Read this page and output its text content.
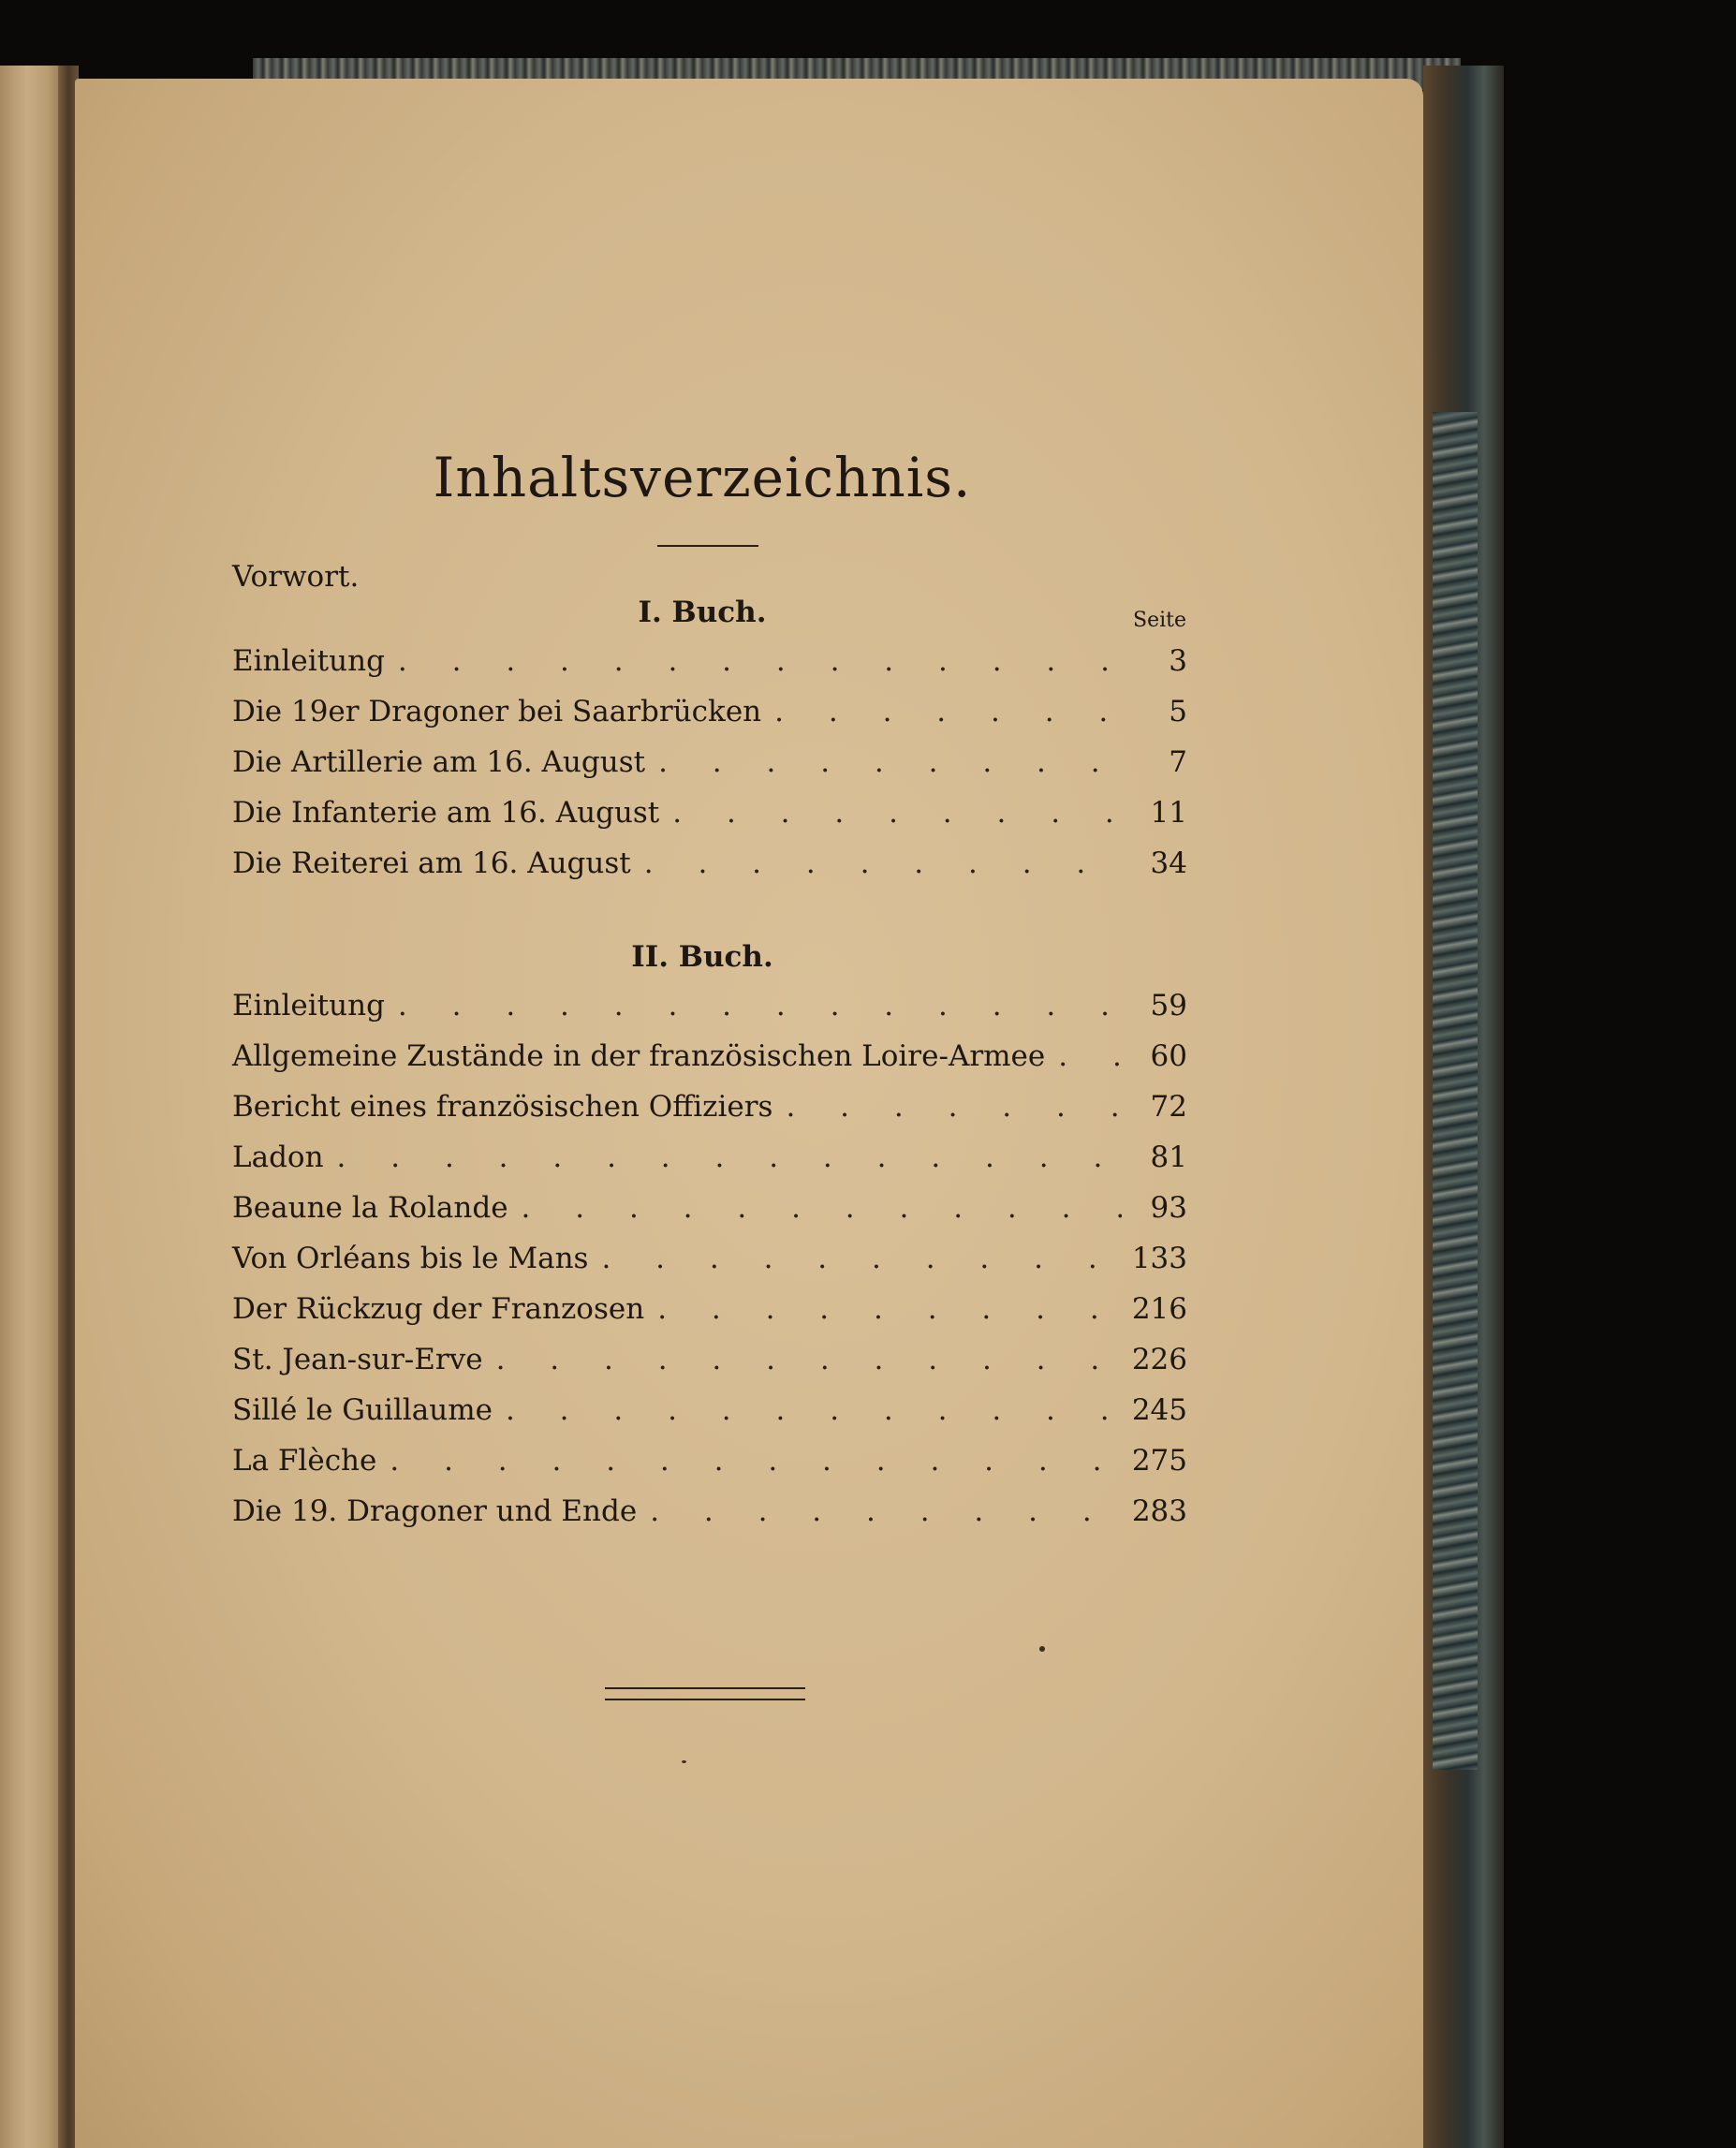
Inhaltsverzeichnis.
Vorwort.
I. Buch.	Seite
Einleitung . . .	3
Die 19er Dragoner bei Saarbrücken . . .	5
Die Artillerie am 16. August . . .	7
Die Infanterie am 16. August . . .	11
Die Reiterei am 16. August . . .	34
II. Buch.
Einleitung . . .	59
Allgemeine Zustände in der französischen Loire-Armee . . .	60
Bericht eines französischen Offiziers . . .	72
Ladon . . .	81
Beaune la Rolande . . .	93
Von Orléans bis le Mans . . .	133
Der Rückzug der Franzosen . . .	216
St. Jean-sur-Erve . . .	226
Sillé le Guillaume . . .	245
La Flèche . . .	275
Die 19. Dragoner und Ende . . .	283
